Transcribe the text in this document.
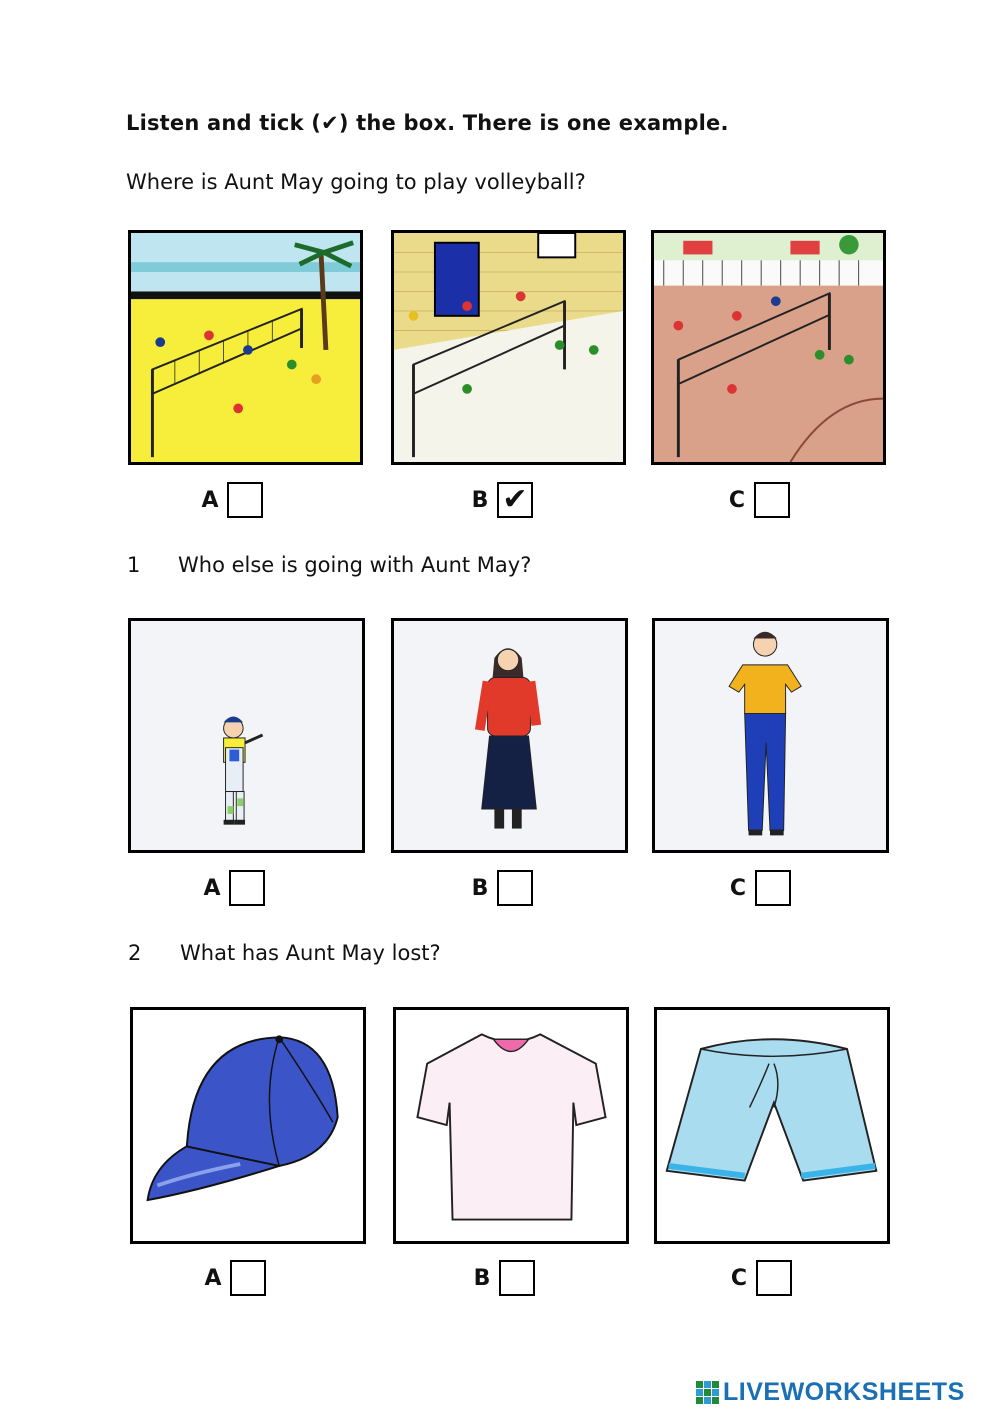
Listen and tick (✔) the box. There is one example.
Where is Aunt May going to play volleyball?
A	B ✔	C
1 Who else is going with Aunt May?
A	B	C
2 What has Aunt May lost?
A	B	C
LIVEWORKSHEETS
